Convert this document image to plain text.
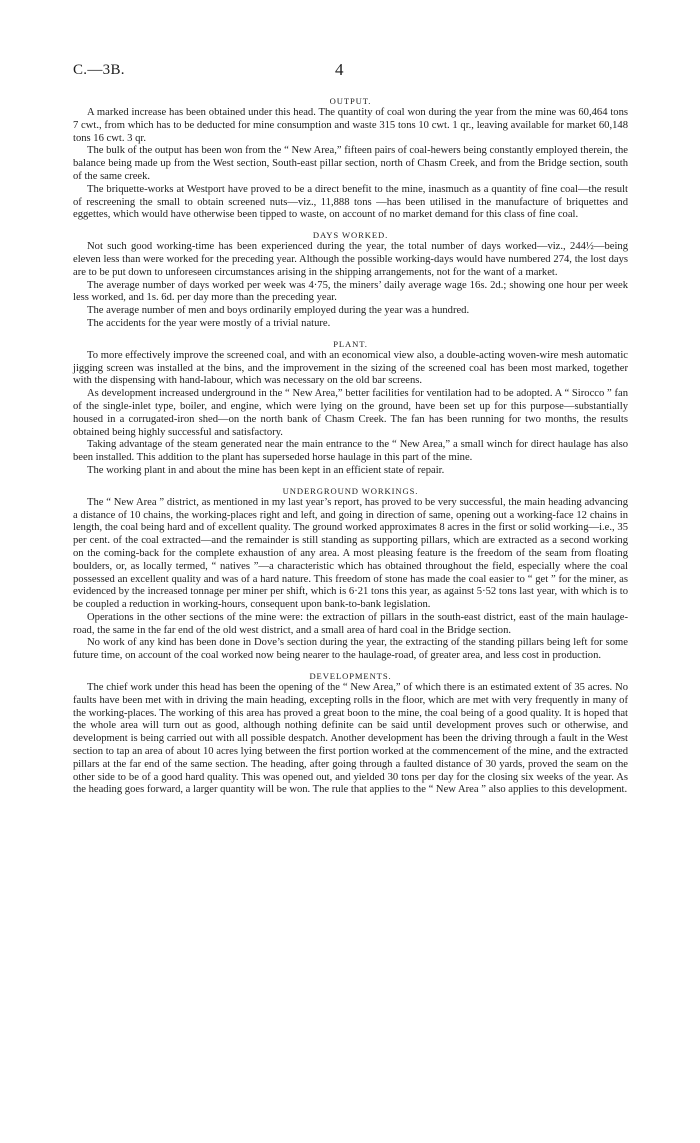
C.—3B.	4
OUTPUT.

A marked increase has been obtained under this head. The quantity of coal won during the year from the mine was 60,464 tons 7 cwt., from which has to be deducted for mine consumption and waste 315 tons 10 cwt. 1 qr., leaving available for market 60,148 tons 16 cwt. 3 qr.

The bulk of the output has been won from the “ New Area,” fifteen pairs of coal-hewers being constantly employed therein, the balance being made up from the West section, South-east pillar section, north of Chasm Creek, and from the Bridge section, south of the same creek.

The briquette-works at Westport have proved to be a direct benefit to the mine, inasmuch as a quantity of fine coal—the result of rescreening the small to obtain screened nuts—viz., 11,888 tons —has been utilised in the manufacture of briquettes and eggettes, which would have otherwise been tipped to waste, on account of no market demand for this class of fine coal.

DAYS WORKED.

Not such good working-time has been experienced during the year, the total number of days worked—viz., 244½—being eleven less than were worked for the preceding year. Although the possible working-days would have numbered 274, the lost days are to be put down to unforeseen circumstances arising in the shipping arrangements, not for the want of a market.

The average number of days worked per week was 4·75, the miners’ daily average wage 16s. 2d.; showing one hour per week less worked, and 1s. 6d. per day more than the preceding year.

The average number of men and boys ordinarily employed during the year was a hundred.

The accidents for the year were mostly of a trivial nature.

PLANT.

To more effectively improve the screened coal, and with an economical view also, a double-acting woven-wire mesh automatic jigging screen was installed at the bins, and the improvement in the sizing of the screened coal has been most marked, together with the dispensing with hand-labour, which was necessary on the old bar screens.

As development increased underground in the “ New Area,” better facilities for ventilation had to be adopted. A “ Sirocco ” fan of the single-inlet type, boiler, and engine, which were lying on the ground, have been set up for this purpose—substantially housed in a corrugated-iron shed—on the north bank of Chasm Creek. The fan has been running for two months, the results obtained being highly successful and satisfactory.

Taking advantage of the steam generated near the main entrance to the “ New Area,” a small winch for direct haulage has also been installed. This addition to the plant has superseded horse haulage in this part of the mine.

The working plant in and about the mine has been kept in an efficient state of repair.

UNDERGROUND WORKINGS.

The “ New Area ” district, as mentioned in my last year’s report, has proved to be very successful, the main heading advancing a distance of 10 chains, the working-places right and left, and going in direction of same, opening out a working-face 12 chains in length, the coal being hard and of excellent quality. The ground worked approximates 8 acres in the first or solid working—i.e., 35 per cent. of the coal extracted—and the remainder is still standing as supporting pillars, which are extracted as a second working on the coming-back for the complete exhaustion of any area. A most pleasing feature is the freedom of the seam from floating boulders, or, as locally termed, “ natives ”—a characteristic which has obtained throughout the field, especially where the coal possessed an excellent quality and was of a hard nature. This freedom of stone has made the coal easier to “ get ” for the miner, as evidenced by the increased tonnage per miner per shift, which is 6·21 tons this year, as against 5·52 tons last year, with which is to be coupled a reduction in working-hours, consequent upon bank-to-bank legislation.

Operations in the other sections of the mine were: the extraction of pillars in the south-east district, east of the main haulage-road, the same in the far end of the old west district, and a small area of hard coal in the Bridge section.

No work of any kind has been done in Dove’s section during the year, the extracting of the standing pillars being left for some future time, on account of the coal worked now being nearer to the haulage-road, of greater area, and less cost in production.

DEVELOPMENTS.

The chief work under this head has been the opening of the “ New Area,” of which there is an estimated extent of 35 acres. No faults have been met with in driving the main heading, excepting rolls in the floor, which are met with very frequently in many of the working-places. The working of this area has proved a great boon to the mine, the coal being of a good quality. It is hoped that the whole area will turn out as good, although nothing definite can be said until development proves such or otherwise, and development is being carried out with all possible despatch. Another development has been the driving through a fault in the West section to tap an area of about 10 acres lying between the first portion worked at the commencement of the mine, and the extracted pillars at the far end of the same section. The heading, after going through a faulted distance of 30 yards, proved the seam on the other side to be of a good hard quality. This was opened out, and yielded 30 tons per day for the closing six weeks of the year. As the heading goes forward, a larger quantity will be won. The rule that applies to the “ New Area ” also applies to this development.
